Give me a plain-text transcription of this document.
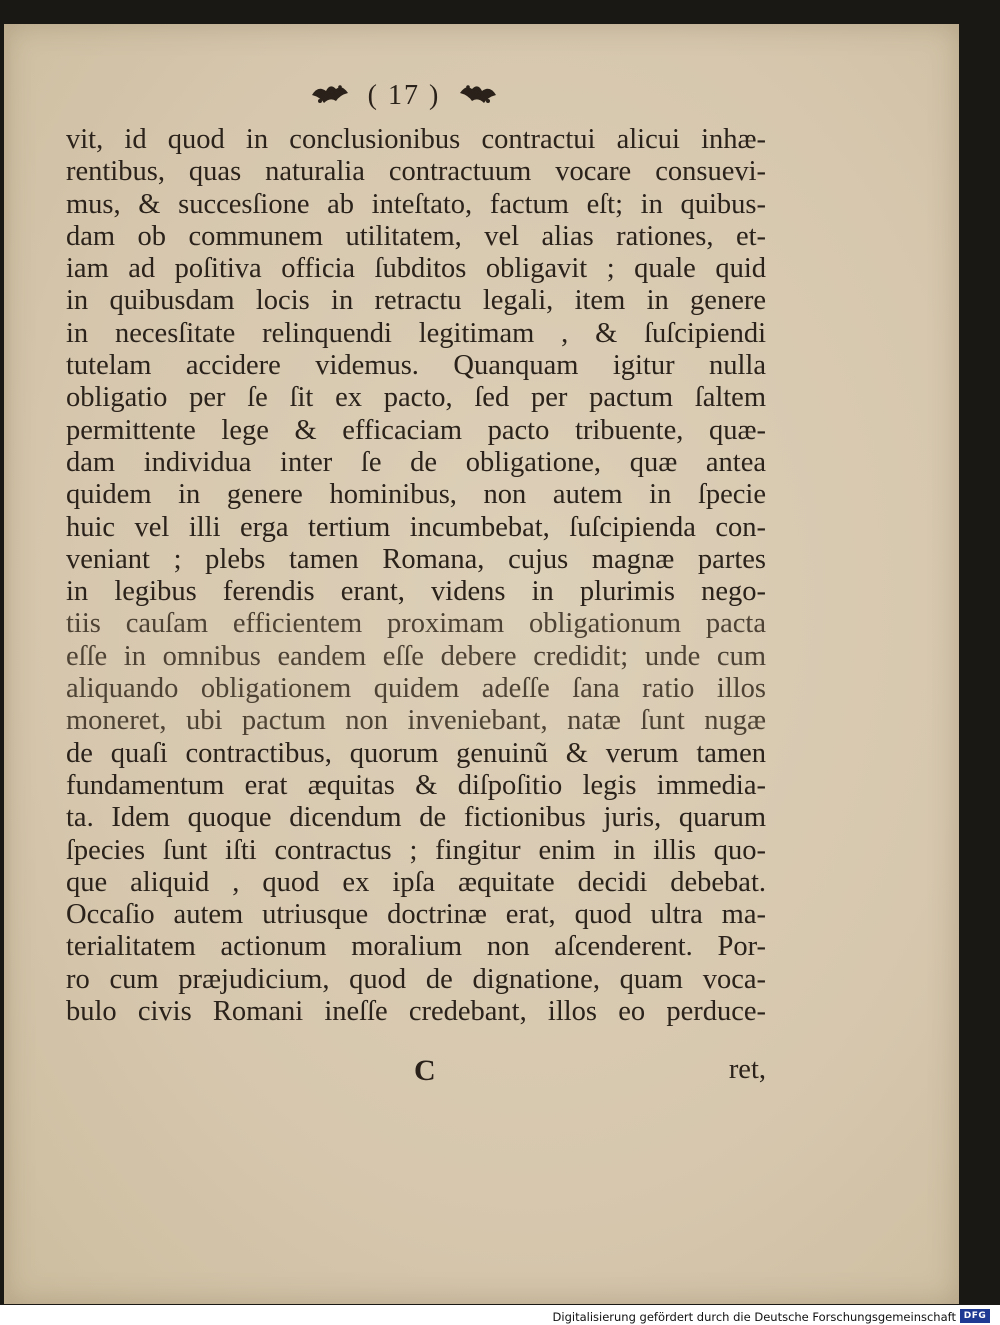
( 17 )
vit, id quod in conclusionibus contractui alicui inhæ-
rentibus, quas naturalia contractuum vocare consuevi-
mus, & succesſione ab inteſtato, factum eſt; in quibus-
dam ob communem utilitatem, vel alias rationes, et-
iam ad poſitiva officia ſubditos obligavit ; quale quid
in quibusdam locis in retractu legali, item in genere
in necesſitate relinquendi legitimam , & ſuſcipiendi
tutelam accidere videmus. Quanquam igitur nulla
obligatio per ſe ſit ex pacto, ſed per pactum ſaltem
permittente lege & efficaciam pacto tribuente, quæ-
dam individua inter ſe de obligatione, quæ antea
quidem in genere hominibus, non autem in ſpecie
huic vel illi erga tertium incumbebat, ſuſcipienda con-
veniant ; plebs tamen Romana, cujus magnæ partes
in legibus ferendis erant, videns in plurimis nego-
tiis cauſam efficientem proximam obligationum pacta
eſſe in omnibus eandem eſſe debere credidit; unde cum
aliquando obligationem quidem adeſſe ſana ratio illos
moneret, ubi pactum non inveniebant, natæ ſunt nugæ
de quaſi contractibus, quorum genuinũ & verum tamen
fundamentum erat æquitas & diſpoſitio legis immedia-
ta. Idem quoque dicendum de fictionibus juris, quarum
ſpecies ſunt iſti contractus ; fingitur enim in illis quo-
que aliquid , quod ex ipſa æquitate decidi debebat.
Occaſio autem utriusque doctrinæ erat, quod ultra ma-
terialitatem actionum moralium non aſcenderent. Por-
ro cum præjudicium, quod de dignatione, quam voca-
bulo civis Romani ineſſe credebant, illos eo perduce-
C	ret,
Digitalisierung gefördert durch die Deutsche Forschungsgemeinschaft DFG
